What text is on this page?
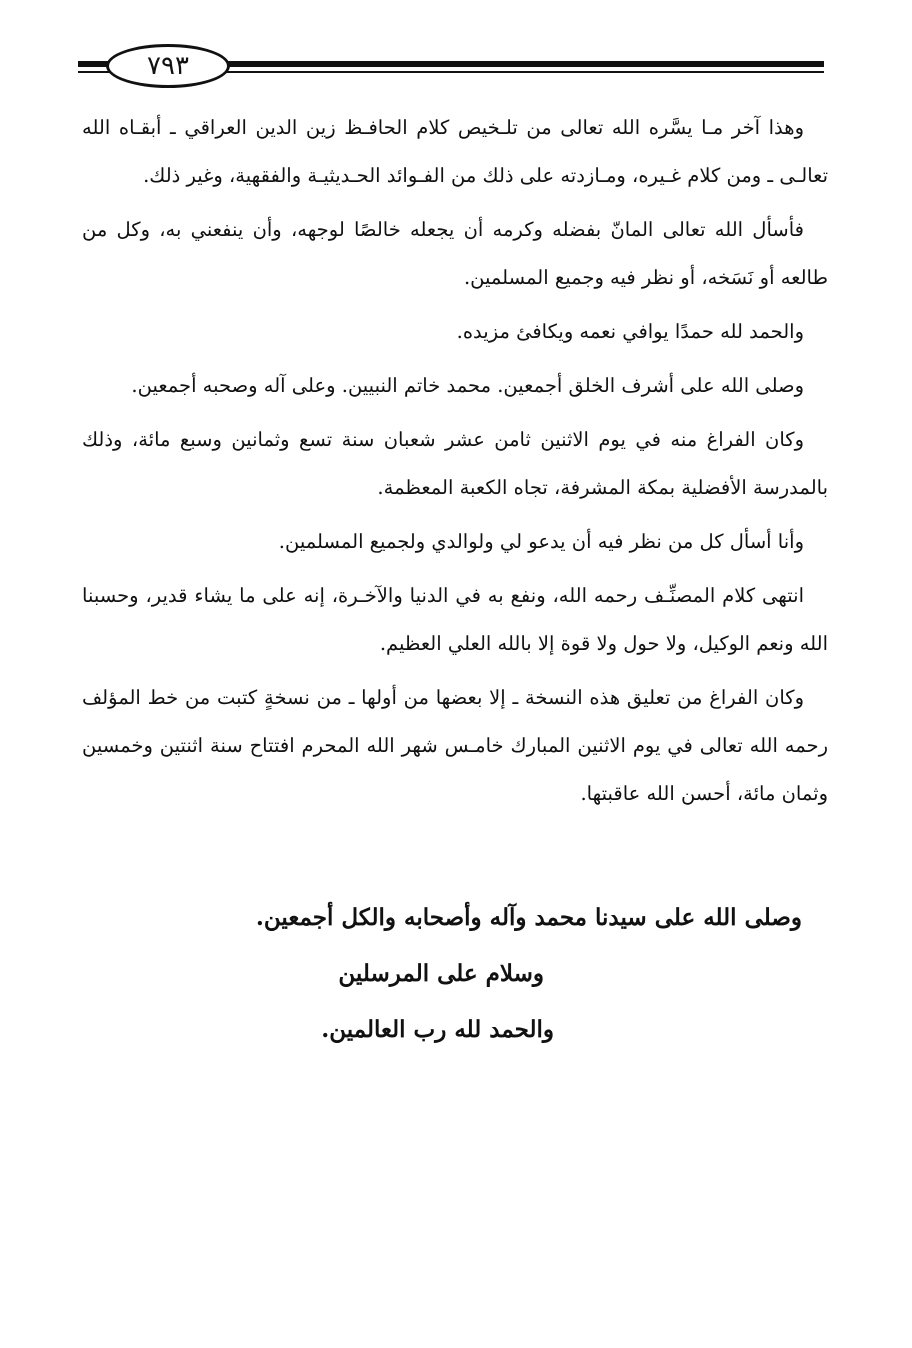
٧٩٣

وهذا آخر مـا يسَّره الله تعالى من تلـخيص كلام الحافـظ زين الدين العراقي ـ أبقـاه الله تعالـى ـ ومن كلام غـيره، ومـازدته على ذلك من الفـوائد الحـديثيـة والفقهية، وغير ذلك.

فأسأل الله تعالى المانّ بفضله وكرمه أن يجعله خالصًا لوجهه، وأن ينفعني به، وكل من طالعه أو نَسَخه، أو نظر فيه وجميع المسلمين.

والحمد لله حمدًا يوافي نعمه ويكافئ مزيده.

وصلى الله على أشرف الخلق أجمعين. محمد خاتم النبيين. وعلى آله وصحبه أجمعين.

وكان الفراغ منه في يوم الاثنين ثامن عشر شعبان سنة تسع وثمانين وسبع مائة، وذلك بالمدرسة الأفضلية بمكة المشرفة، تجاه الكعبة المعظمة.

وأنا أسأل كل من نظر فيه أن يدعو لي ولوالدي ولجميع المسلمين.

انتهى كلام المصنِّـف رحمه الله، ونفع به في الدنيا والآخـرة، إنه على ما يشاء قدير، وحسبنا الله ونعم الوكيل، ولا حول ولا قوة إلا بالله العلي العظيم.

وكان الفراغ من تعليق هذه النسخة ـ إلا بعضها من أولها ـ من نسخةٍ كتبت من خط المؤلف رحمه الله تعالى في يوم الاثنين المبارك خامـس شهر الله المحرم افتتاح سنة اثنتين وخمسين وثمان مائة، أحسن الله عاقبتها.

وصلى الله على سيدنا محمد وآله وأصحابه والكل أجمعين.
وسلام على المرسلين
والحمد لله رب العالمين.
